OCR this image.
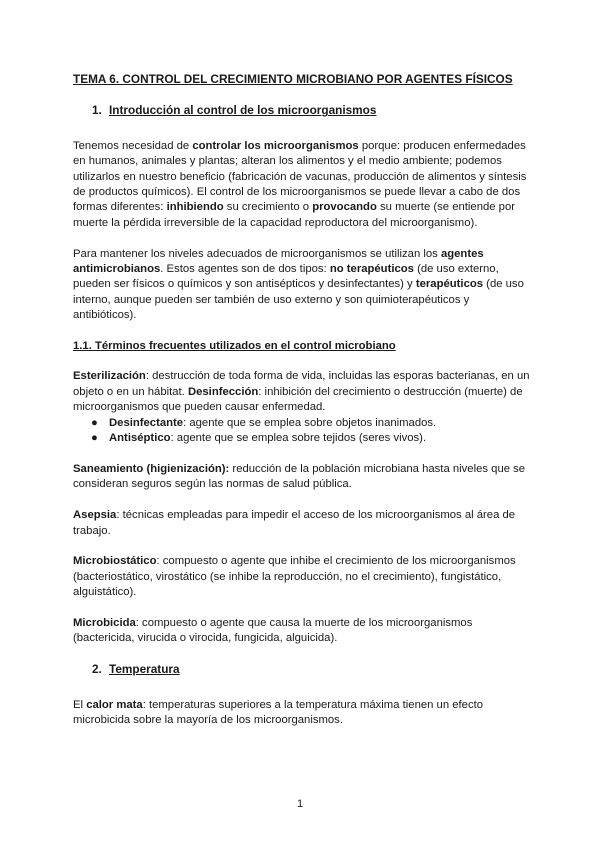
TEMA 6. CONTROL DEL CRECIMIENTO MICROBIANO POR AGENTES FÍSICOS
1. Introducción al control de los microorganismos

Tenemos necesidad de controlar los microorganismos porque: producen enfermedades en humanos, animales y plantas; alteran los alimentos y el medio ambiente; podemos utilizarlos en nuestro beneficio (fabricación de vacunas, producción de alimentos y síntesis de productos químicos). El control de los microorganismos se puede llevar a cabo de dos formas diferentes: inhibiendo su crecimiento o provocando su muerte (se entiende por muerte la pérdida irreversible de la capacidad reproductora del microorganismo).

Para mantener los niveles adecuados de microorganismos se utilizan los agentes antimicrobianos. Estos agentes son de dos tipos: no terapéuticos (de uso externo, pueden ser físicos o químicos y son antisépticos y desinfectantes) y terapéuticos (de uso interno, aunque pueden ser también de uso externo y son quimioterapéuticos y antibióticos).

1.1. Términos frecuentes utilizados en el control microbiano

Esterilización: destrucción de toda forma de vida, incluidas las esporas bacterianas, en un objeto o en un hábitat. Desinfección: inhibición del crecimiento o destrucción (muerte) de microorganismos que pueden causar enfermedad.

● Desinfectante: agente que se emplea sobre objetos inanimados.
● Antiséptico: agente que se emplea sobre tejidos (seres vivos).

Saneamiento (higienización): reducción de la población microbiana hasta niveles que se consideran seguros según las normas de salud pública.

Asepsia: técnicas empleadas para impedir el acceso de los microorganismos al área de trabajo.

Microbiostático: compuesto o agente que inhibe el crecimiento de los microorganismos (bacteriostático, virostático (se inhibe la reproducción, no el crecimiento), fungistático, alguistático).

Microbicida: compuesto o agente que causa la muerte de los microorganismos (bactericida, virucida o virocida, fungicida, alguicida).

2. Temperatura

El calor mata: temperaturas superiores a la temperatura máxima tienen un efecto microbicida sobre la mayoría de los microorganismos.

1
